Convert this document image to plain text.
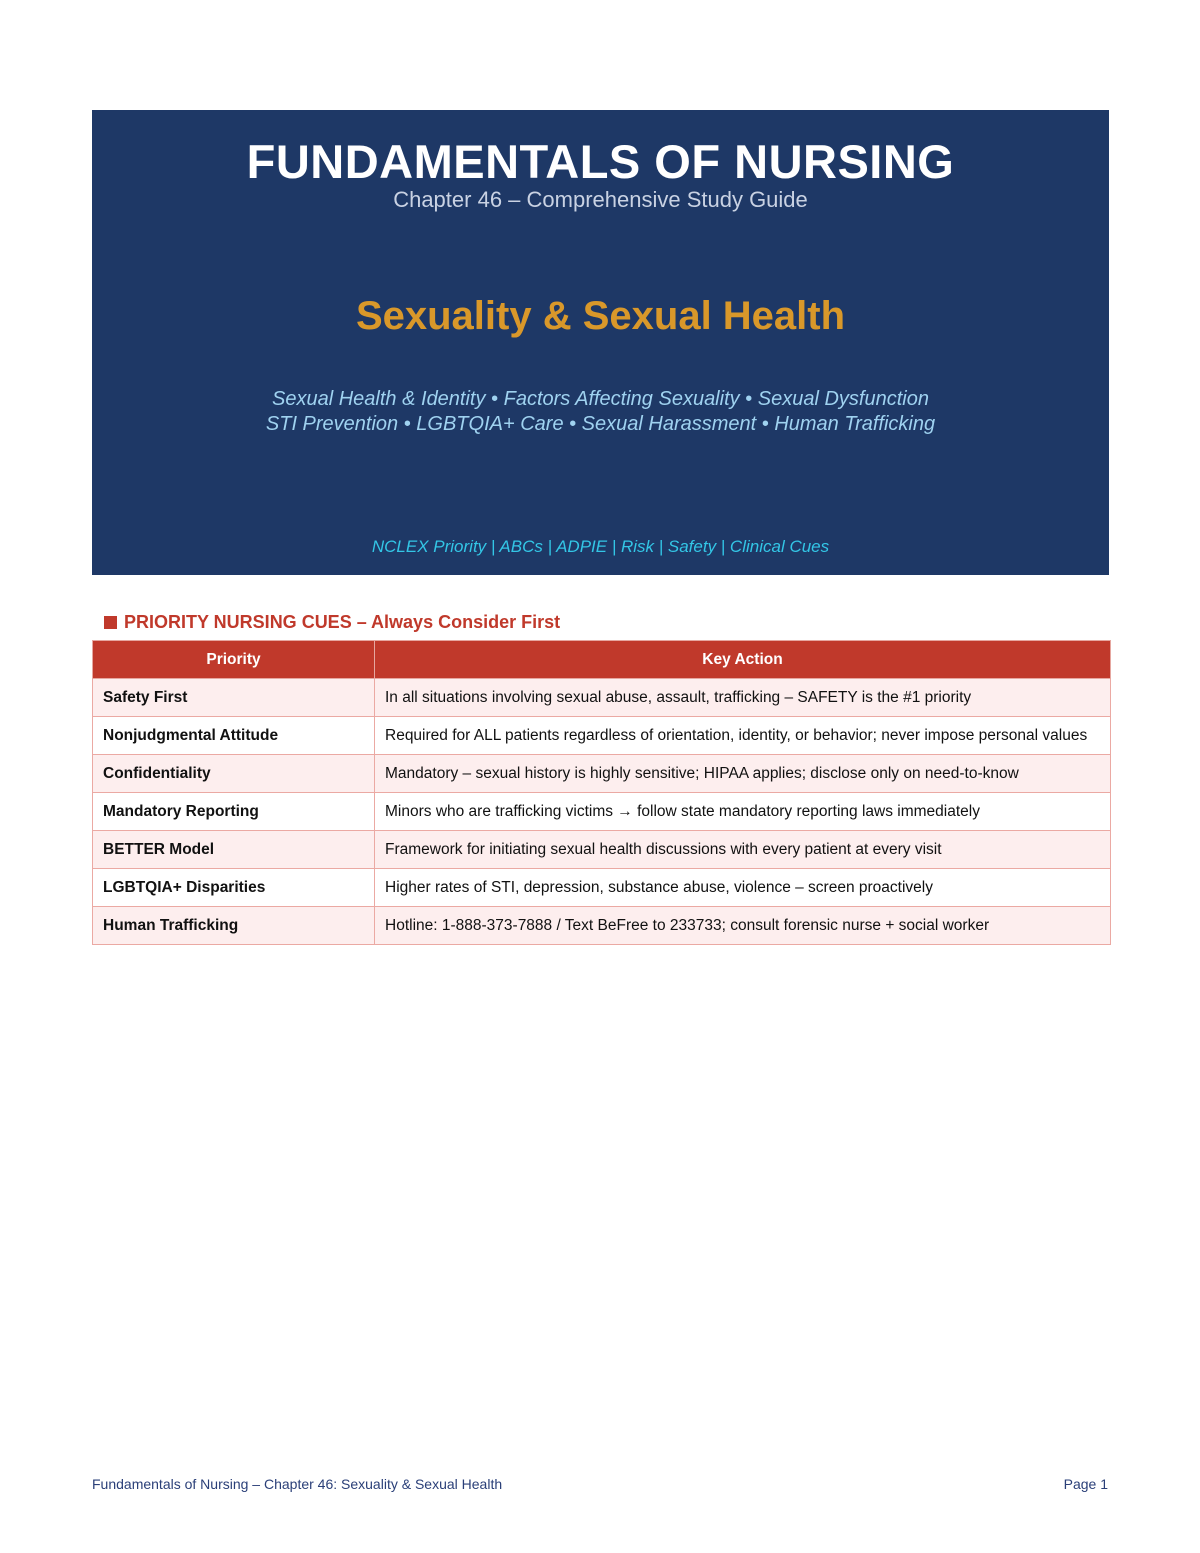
FUNDAMENTALS OF NURSING
Chapter 46 – Comprehensive Study Guide
Sexuality & Sexual Health
Sexual Health & Identity • Factors Affecting Sexuality • Sexual Dysfunction
STI Prevention • LGBTQIA+ Care • Sexual Harassment • Human Trafficking
NCLEX Priority | ABCs | ADPIE | Risk | Safety | Clinical Cues
PRIORITY NURSING CUES – Always Consider First
Priority	Key Action
Safety First	In all situations involving sexual abuse, assault, trafficking – SAFETY is the #1 priority
Nonjudgmental Attitude	Required for ALL patients regardless of orientation, identity, or behavior; never impose personal values
Confidentiality	Mandatory – sexual history is highly sensitive; HIPAA applies; disclose only on need-to-know
Mandatory Reporting	Minors who are trafficking victims → follow state mandatory reporting laws immediately
BETTER Model	Framework for initiating sexual health discussions with every patient at every visit
LGBTQIA+ Disparities	Higher rates of STI, depression, substance abuse, violence – screen proactively
Human Trafficking	Hotline: 1-888-373-7888 / Text BeFree to 233733; consult forensic nurse + social worker
Fundamentals of Nursing – Chapter 46: Sexuality & Sexual Health	Page 1
